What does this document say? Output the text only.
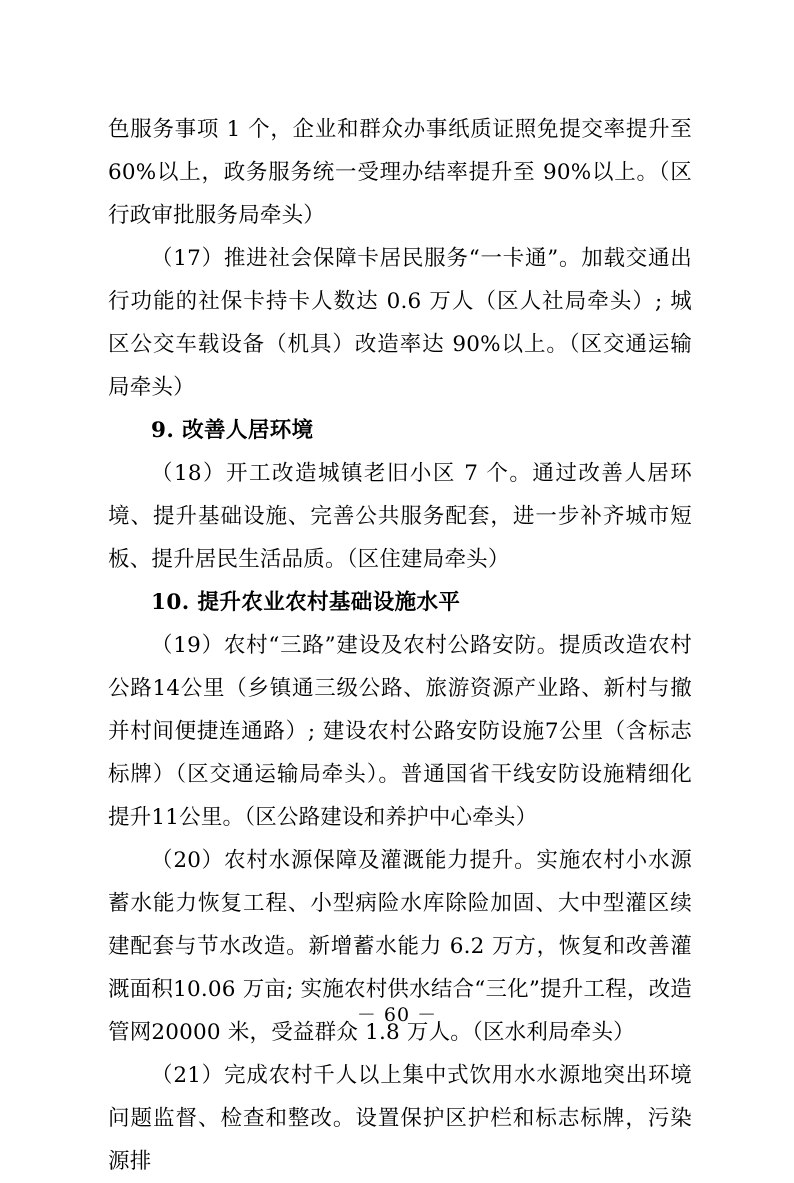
色服务事项 1 个，企业和群众办事纸质证照免提交率提升至60%以上，政务服务统一受理办结率提升至 90%以上。（区行政审批服务局牵头）

（17）推进社会保障卡居民服务“一卡通”。加载交通出行功能的社保卡持卡人数达 0.6 万人（区人社局牵头）; 城区公交车载设备（机具）改造率达 90%以上。（区交通运输局牵头）

9. 改善人居环境

（18）开工改造城镇老旧小区 7 个。通过改善人居环境、提升基础设施、完善公共服务配套，进一步补齐城市短板、提升居民生活品质。（区住建局牵头）

10. 提升农业农村基础设施水平

（19）农村“三路”建设及农村公路安防。提质改造农村公路14公里（乡镇通三级公路、旅游资源产业路、新村与撤并村间便捷连通路）; 建设农村公路安防设施7公里（含标志标牌）（区交通运输局牵头）。普通国省干线安防设施精细化提升11公里。（区公路建设和养护中心牵头）

（20）农村水源保障及灌溉能力提升。实施农村小水源蓄水能力恢复工程、小型病险水库除险加固、大中型灌区续建配套与节水改造。新增蓄水能力 6.2 万方，恢复和改善灌溉面积10.06 万亩; 实施农村供水结合“三化”提升工程，改造管网20000 米，受益群众 1.8 万人。（区水利局牵头）

（21）完成农村千人以上集中式饮用水水源地突出环境问题监督、检查和整改。设置保护区护栏和标志标牌，污染源排

－ 60 －
